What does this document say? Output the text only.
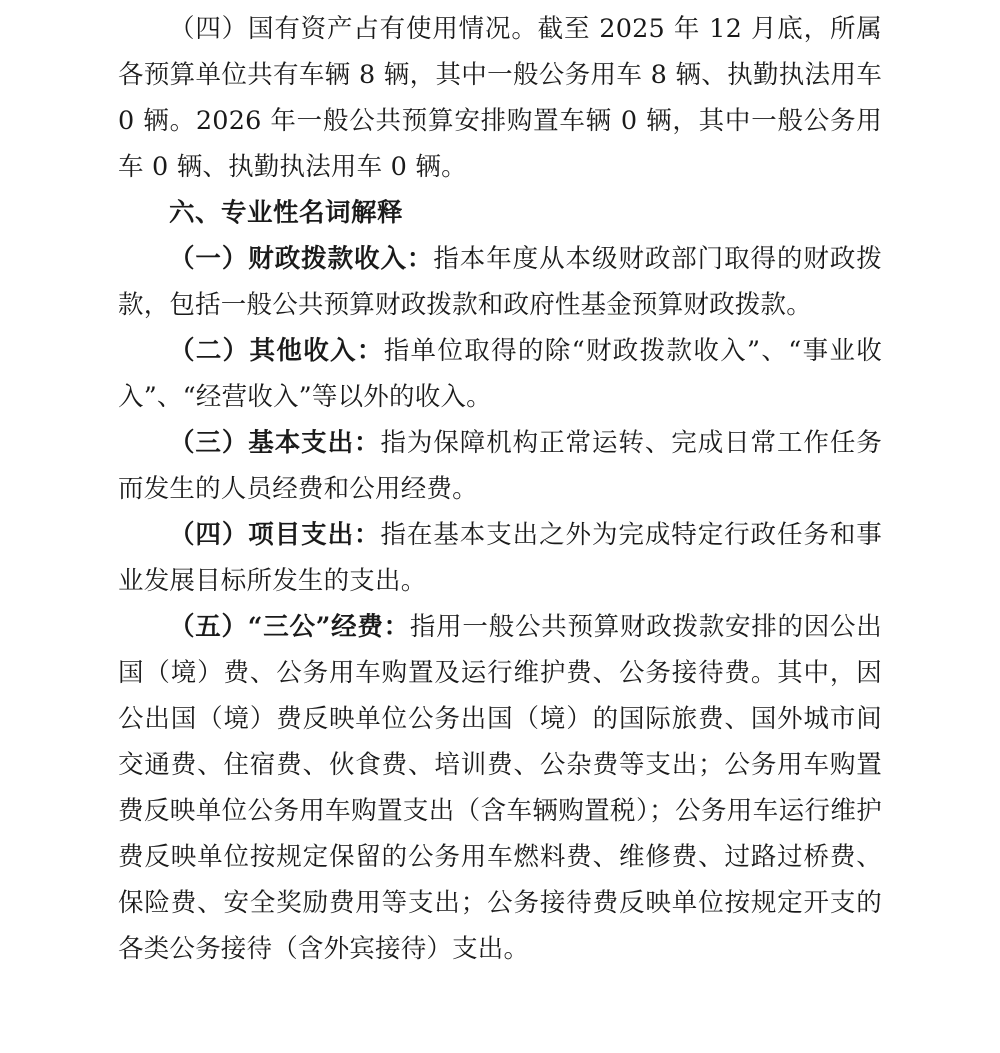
（四）国有资产占有使用情况。截至 2025 年 12 月底，所属各预算单位共有车辆 8 辆，其中一般公务用车 8 辆、执勤执法用车 0 辆。2026 年一般公共预算安排购置车辆 0 辆，其中一般公务用车 0 辆、执勤执法用车 0 辆。

六、专业性名词解释

（一）财政拨款收入：指本年度从本级财政部门取得的财政拨款，包括一般公共预算财政拨款和政府性基金预算财政拨款。

（二）其他收入：指单位取得的除“财政拨款收入”、“事业收入”、“经营收入”等以外的收入。

（三）基本支出：指为保障机构正常运转、完成日常工作任务而发生的人员经费和公用经费。

（四）项目支出：指在基本支出之外为完成特定行政任务和事业发展目标所发生的支出。

（五）“三公”经费：指用一般公共预算财政拨款安排的因公出国（境）费、公务用车购置及运行维护费、公务接待费。其中，因公出国（境）费反映单位公务出国（境）的国际旅费、国外城市间交通费、住宿费、伙食费、培训费、公杂费等支出；公务用车购置费反映单位公务用车购置支出（含车辆购置税）；公务用车运行维护费反映单位按规定保留的公务用车燃料费、维修费、过路过桥费、保险费、安全奖励费用等支出；公务接待费反映单位按规定开支的各类公务接待（含外宾接待）支出。
